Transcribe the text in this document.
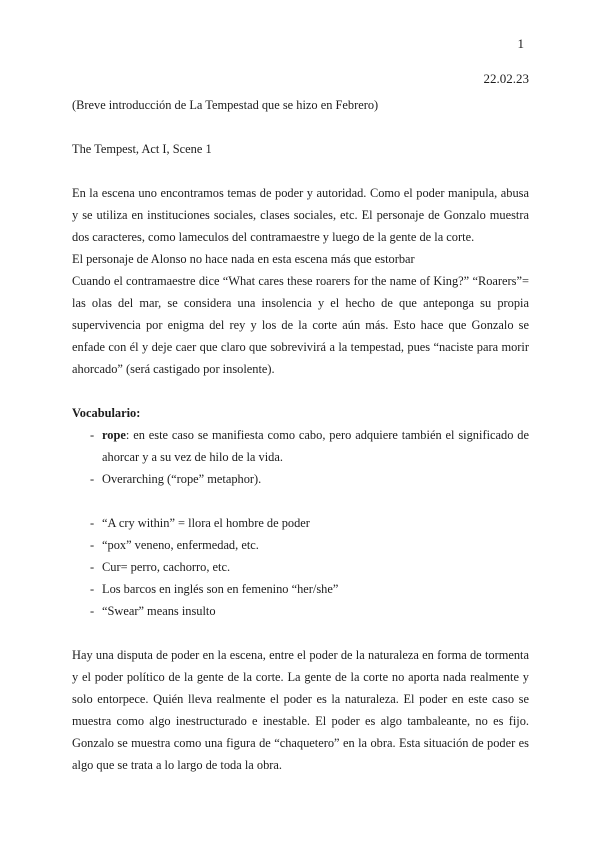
1
22.02.23

(Breve introducción de La Tempestad que se hizo en Febrero)

The Tempest, Act I, Scene 1

En la escena uno encontramos temas de poder y autoridad. Como el poder manipula, abusa y se utiliza en instituciones sociales, clases sociales, etc. El personaje de Gonzalo muestra dos caracteres, como lameculos del contramaestre y luego de la gente de la corte.

El personaje de Alonso no hace nada en esta escena más que estorbar

Cuando el contramaestre dice “What cares these roarers for the name of King?” “Roarers”= las olas del mar, se considera una insolencia y el hecho de que anteponga su propia supervivencia por enigma del rey y los de la corte aún más. Esto hace que Gonzalo se enfade con él y deje caer que claro que sobrevivirá a la tempestad, pues “naciste para morir ahorcado” (será castigado por insolente).

Vocabulario:

- rope: en este caso se manifiesta como cabo, pero adquiere también el significado de ahorcar y a su vez de hilo de la vida.
- Overarching (“rope” metaphor).
- “A cry within” = llora el hombre de poder
- “pox” veneno, enfermedad, etc.
- Cur= perro, cachorro, etc.
- Los barcos en inglés son en femenino “her/she”
- “Swear” means insulto

Hay una disputa de poder en la escena, entre el poder de la naturaleza en forma de tormenta y el poder político de la gente de la corte. La gente de la corte no aporta nada realmente y solo entorpece. Quién lleva realmente el poder es la naturaleza. El poder en este caso se muestra como algo inestructurado e inestable. El poder es algo tambaleante, no es fijo. Gonzalo se muestra como una figura de “chaquetero” en la obra. Esta situación de poder es algo que se trata a lo largo de toda la obra.
